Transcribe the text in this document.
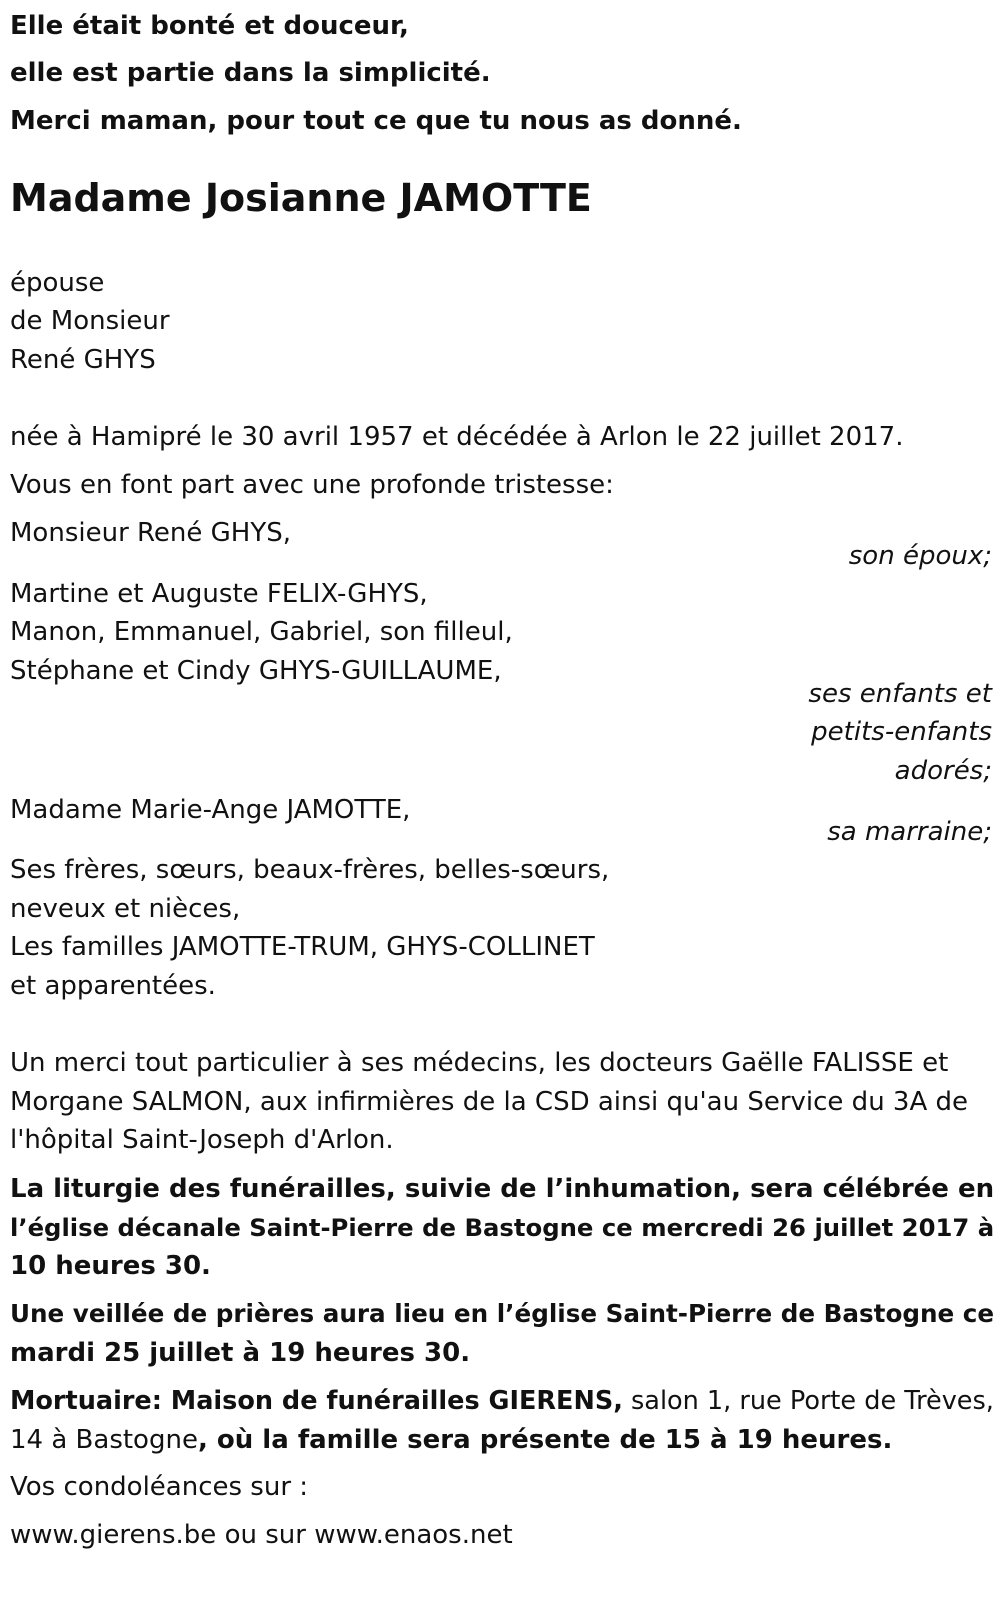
Elle était bonté et douceur,
elle est partie dans la simplicité.
Merci maman, pour tout ce que tu nous as donné.
Madame Josianne JAMOTTE
épouse
de Monsieur
René GHYS
née à Hamipré le 30 avril 1957 et décédée à Arlon le 22 juillet 2017.
Vous en font part avec une profonde tristesse:
Monsieur René GHYS,
son époux;
Martine et Auguste FELIX-GHYS,
Manon, Emmanuel, Gabriel, son filleul,
Stéphane et Cindy GHYS-GUILLAUME,
ses enfants et
petits-enfants
adorés;
Madame Marie-Ange JAMOTTE,
sa marraine;
Ses frères, sœurs, beaux-frères, belles-sœurs,
neveux et nièces,
Les familles JAMOTTE-TRUM, GHYS-COLLINET
et apparentées.
Un merci tout particulier à ses médecins, les docteurs Gaëlle FALISSE et
Morgane SALMON, aux infirmières de la CSD ainsi qu'au Service du 3A de
l'hôpital Saint-Joseph d'Arlon.
La liturgie des funérailles, suivie de l’inhumation, sera célébrée en
l’église décanale Saint-Pierre de Bastogne ce mercredi 26 juillet 2017 à
10 heures 30.
Une veillée de prières aura lieu en l’église Saint-Pierre de Bastogne ce
mardi 25 juillet à 19 heures 30.
Mortuaire: Maison de funérailles GIERENS, salon 1, rue Porte de Trèves,
14 à Bastogne, où la famille sera présente de 15 à 19 heures.
Vos condoléances sur :
www.gierens.be ou sur www.enaos.net
